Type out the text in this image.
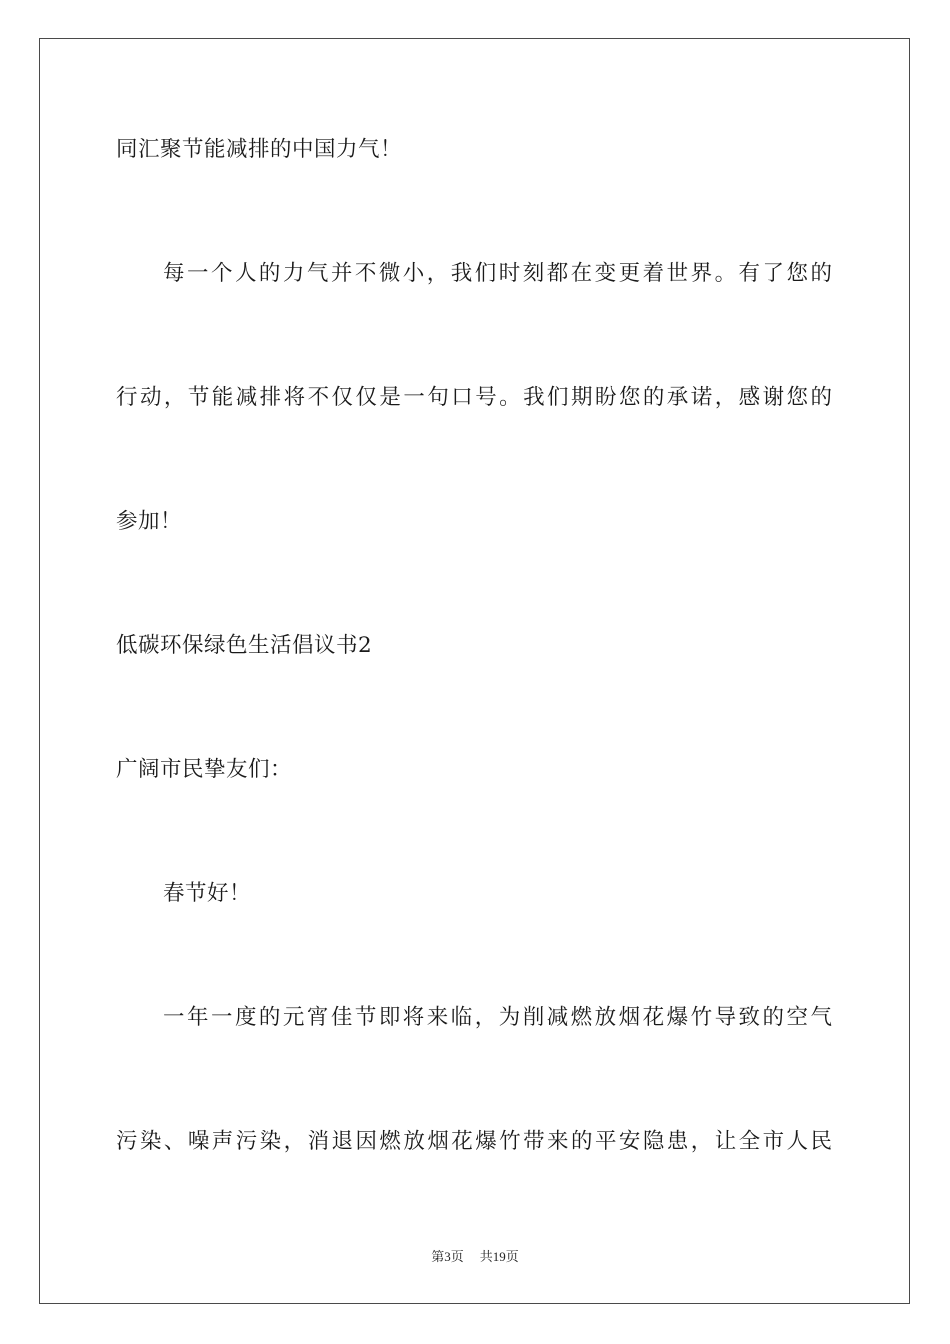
同汇聚节能减排的中国力气！
每一个人的力气并不微小，我们时刻都在变更着世界。有了您的
行动，节能减排将不仅仅是一句口号。我们期盼您的承诺，感谢您的
参加！
低碳环保绿色生活倡议书2
广阔市民挚友们：
春节好！
一年一度的元宵佳节即将来临，为削减燃放烟花爆竹导致的空气
污染、噪声污染，消退因燃放烟花爆竹带来的平安隐患，让全市人民
第3页 共19页
